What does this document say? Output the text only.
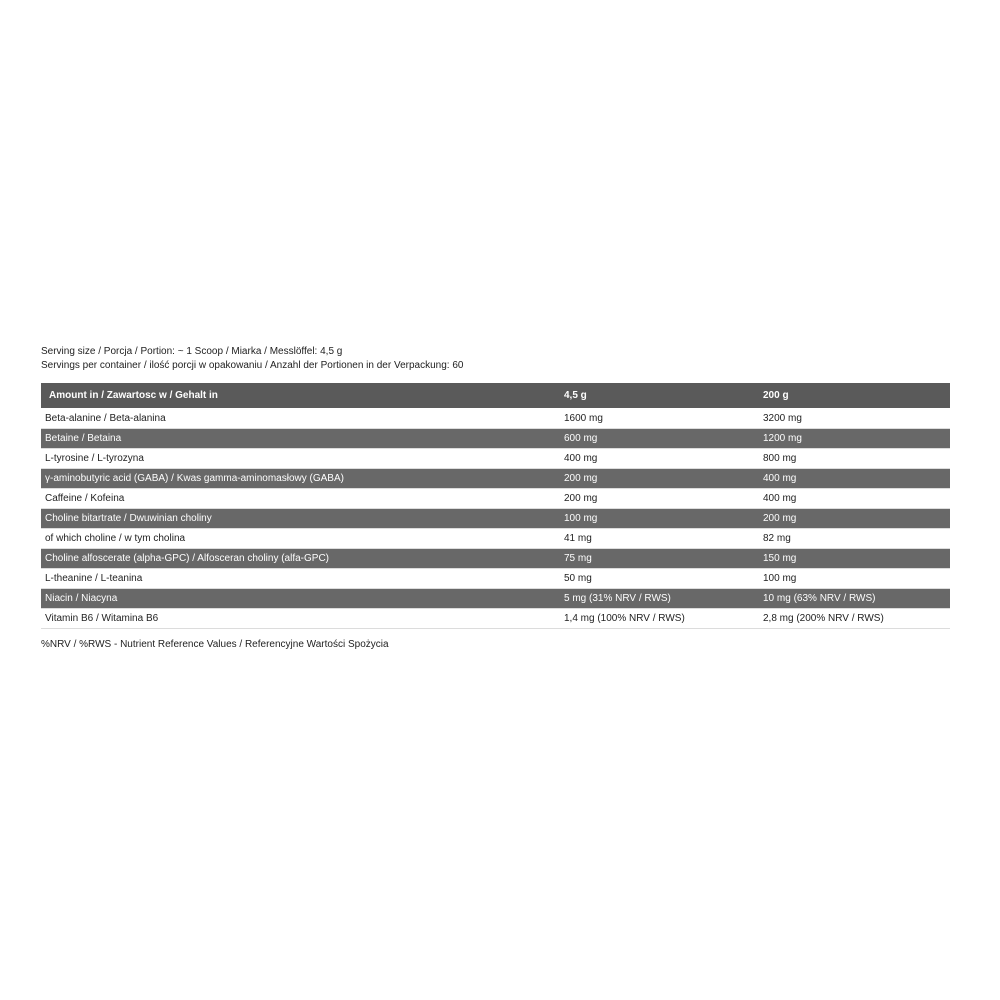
Serving size / Porcja / Portion: ~ 1 Scoop / Miarka / Messlöffel: 4,5 g
Servings per container / ilość porcji w opakowaniu / Anzahl der Portionen in der Verpackung: 60
Amount in / Zawartosc w / Gehalt in	4,5 g	200 g
Beta-alanine / Beta-alanina	1600 mg	3200 mg
Betaine / Betaina	600 mg	1200 mg
L-tyrosine / L-tyrozyna	400 mg	800 mg
γ-aminobutyric acid (GABA) / Kwas gamma-aminomasłowy (GABA)	200 mg	400 mg
Caffeine / Kofeina	200 mg	400 mg
Choline bitartrate / Dwuwinian choliny	100 mg	200 mg
of which choline / w tym cholina	41 mg	82 mg
Choline alfoscerate (alpha-GPC) / Alfosceran choliny (alfa-GPC)	75 mg	150 mg
L-theanine / L-teanina	50 mg	100 mg
Niacin / Niacyna	5 mg (31% NRV / RWS)	10 mg (63% NRV / RWS)
Vitamin B6 / Witamina B6	1,4 mg (100% NRV / RWS)	2,8 mg (200% NRV / RWS)
%NRV / %RWS - Nutrient Reference Values / Referencyjne Wartości Spożycia
